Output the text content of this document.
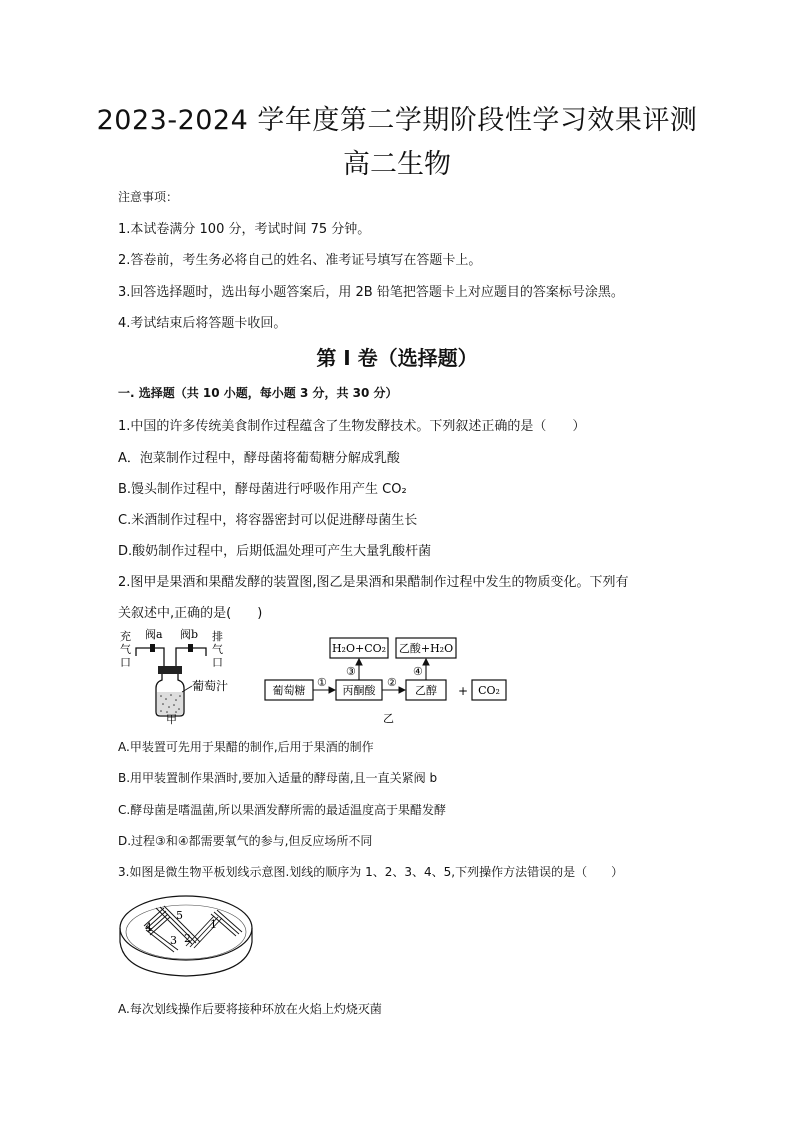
2023-2024 学年度第二学期阶段性学习效果评测
高二生物
注意事项：
1.本试卷满分 100 分，考试时间 75 分钟。
2.答卷前，考生务必将自己的姓名、准考证号填写在答题卡上。
3.回答选择题时，选出每小题答案后，用 2B 铅笔把答题卡上对应题目的答案标号涂黑。
4.考试结束后将答题卡收回。
第 I 卷（选择题）
一. 选择题（共 10 小题，每小题 3 分，共 30 分）
1.中国的许多传统美食制作过程蕴含了生物发酵技术。下列叙述正确的是（　　）
A．泡菜制作过程中，酵母菌将葡萄糖分解成乳酸
B.馒头制作过程中，酵母菌进行呼吸作用产生 CO₂
C.米酒制作过程中，将容器密封可以促进酵母菌生长
D.酸奶制作过程中，后期低温处理可产生大量乳酸杆菌
2.图甲是果酒和果醋发酵的装置图,图乙是果酒和果醋制作过程中发生的物质变化。下列有
关叙述中,正确的是(　　)
充
气
口
排
气
口
阀a 阀b
葡萄汁
甲
H₂O+CO₂ 乙酸+H₂O
葡萄糖	丙酮酸	乙醇 + CO₂
①	②
③	④
乙
A.甲装置可先用于果醋的制作,后用于果酒的制作
B.用甲装置制作果酒时,要加入适量的酵母菌,且一直关紧阀 b
C.酵母菌是嗜温菌,所以果酒发酵所需的最适温度高于果醋发酵
D.过程③和④都需要氧气的参与,但反应场所不同
3.如图是微生物平板划线示意图.划线的顺序为 1、2、3、4、5,下列操作方法错误的是（　　）
4
5
3 2
1
A.每次划线操作后要将接种环放在火焰上灼烧灭菌
